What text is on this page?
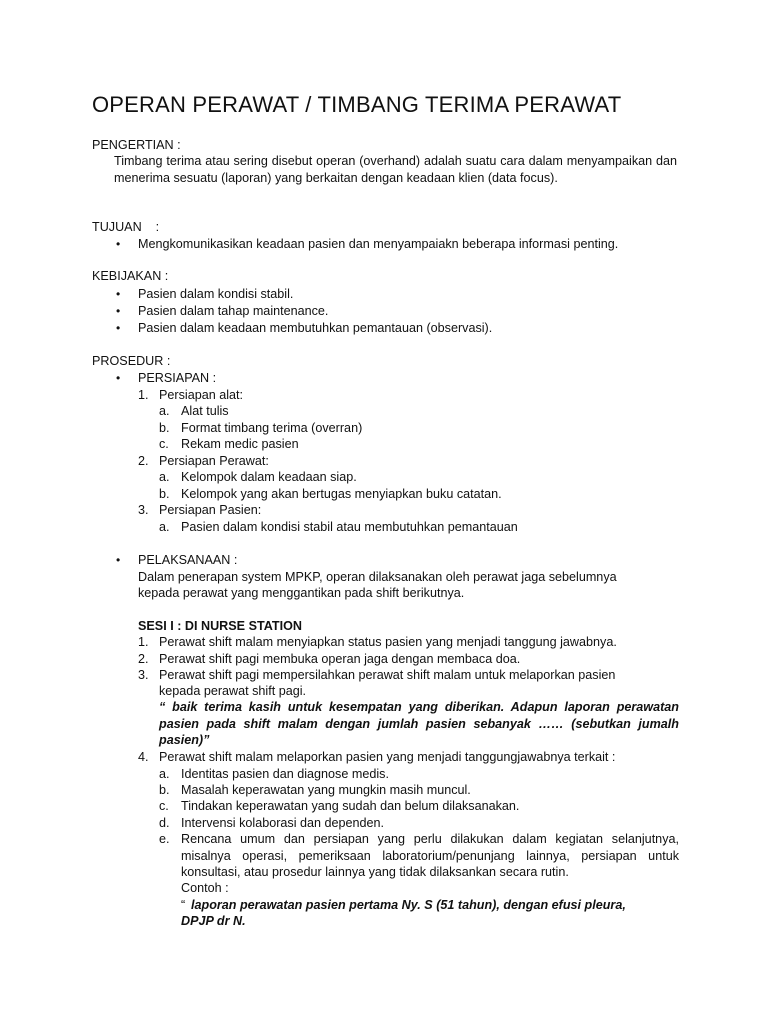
OPERAN PERAWAT / TIMBANG TERIMA PERAWAT
PENGERTIAN :
Timbang terima atau sering disebut operan (overhand) adalah suatu cara dalam menyampaikan dan menerima sesuatu (laporan) yang berkaitan dengan keadaan klien (data focus).
TUJUAN    :
• Mengkomunikasikan keadaan pasien dan menyampaiakn beberapa informasi penting.
KEBIJAKAN :
• Pasien dalam kondisi stabil.
• Pasien dalam tahap maintenance.
• Pasien dalam keadaan membutuhkan pemantauan (observasi).
PROSEDUR :
• PERSIAPAN :
1. Persiapan alat:
a. Alat tulis
b. Format timbang terima (overran)
c. Rekam medic pasien
2. Persiapan Perawat:
a. Kelompok dalam keadaan siap.
b. Kelompok yang akan bertugas menyiapkan buku catatan.
3. Persiapan Pasien:
a. Pasien dalam kondisi stabil atau membutuhkan pemantauan
• PELAKSANAAN :
Dalam penerapan system MPKP, operan dilaksanakan oleh perawat jaga sebelumnya
kepada perawat yang menggantikan pada shift berikutnya.
SESI I : DI NURSE STATION
1. Perawat shift malam menyiapkan status pasien yang menjadi tanggung jawabnya.
2. Perawat shift pagi membuka operan jaga dengan membaca doa.
3. Perawat shift pagi mempersilahkan perawat shift malam untuk melaporkan pasien
kepada perawat shift pagi.
“ baik terima kasih untuk kesempatan yang diberikan. Adapun laporan perawatan pasien pada shift malam dengan jumlah pasien sebanyak …… (sebutkan jumalh pasien)”
4. Perawat shift malam melaporkan pasien yang menjadi tanggungjawabnya terkait :
a. Identitas pasien dan diagnose medis.
b. Masalah keperawatan yang mungkin masih muncul.
c. Tindakan keperawatan yang sudah dan belum dilaksanakan.
d. Intervensi kolaborasi dan dependen.
e. Rencana umum dan persiapan yang perlu dilakukan dalam kegiatan selanjutnya, misalnya operasi, pemeriksaan laboratorium/penunjang lainnya, persiapan untuk konsultasi, atau prosedur lainnya yang tidak dilaksankan secara rutin.
Contoh :
“ laporan perawatan pasien pertama Ny. S (51 tahun), dengan efusi pleura,
DPJP dr N.
